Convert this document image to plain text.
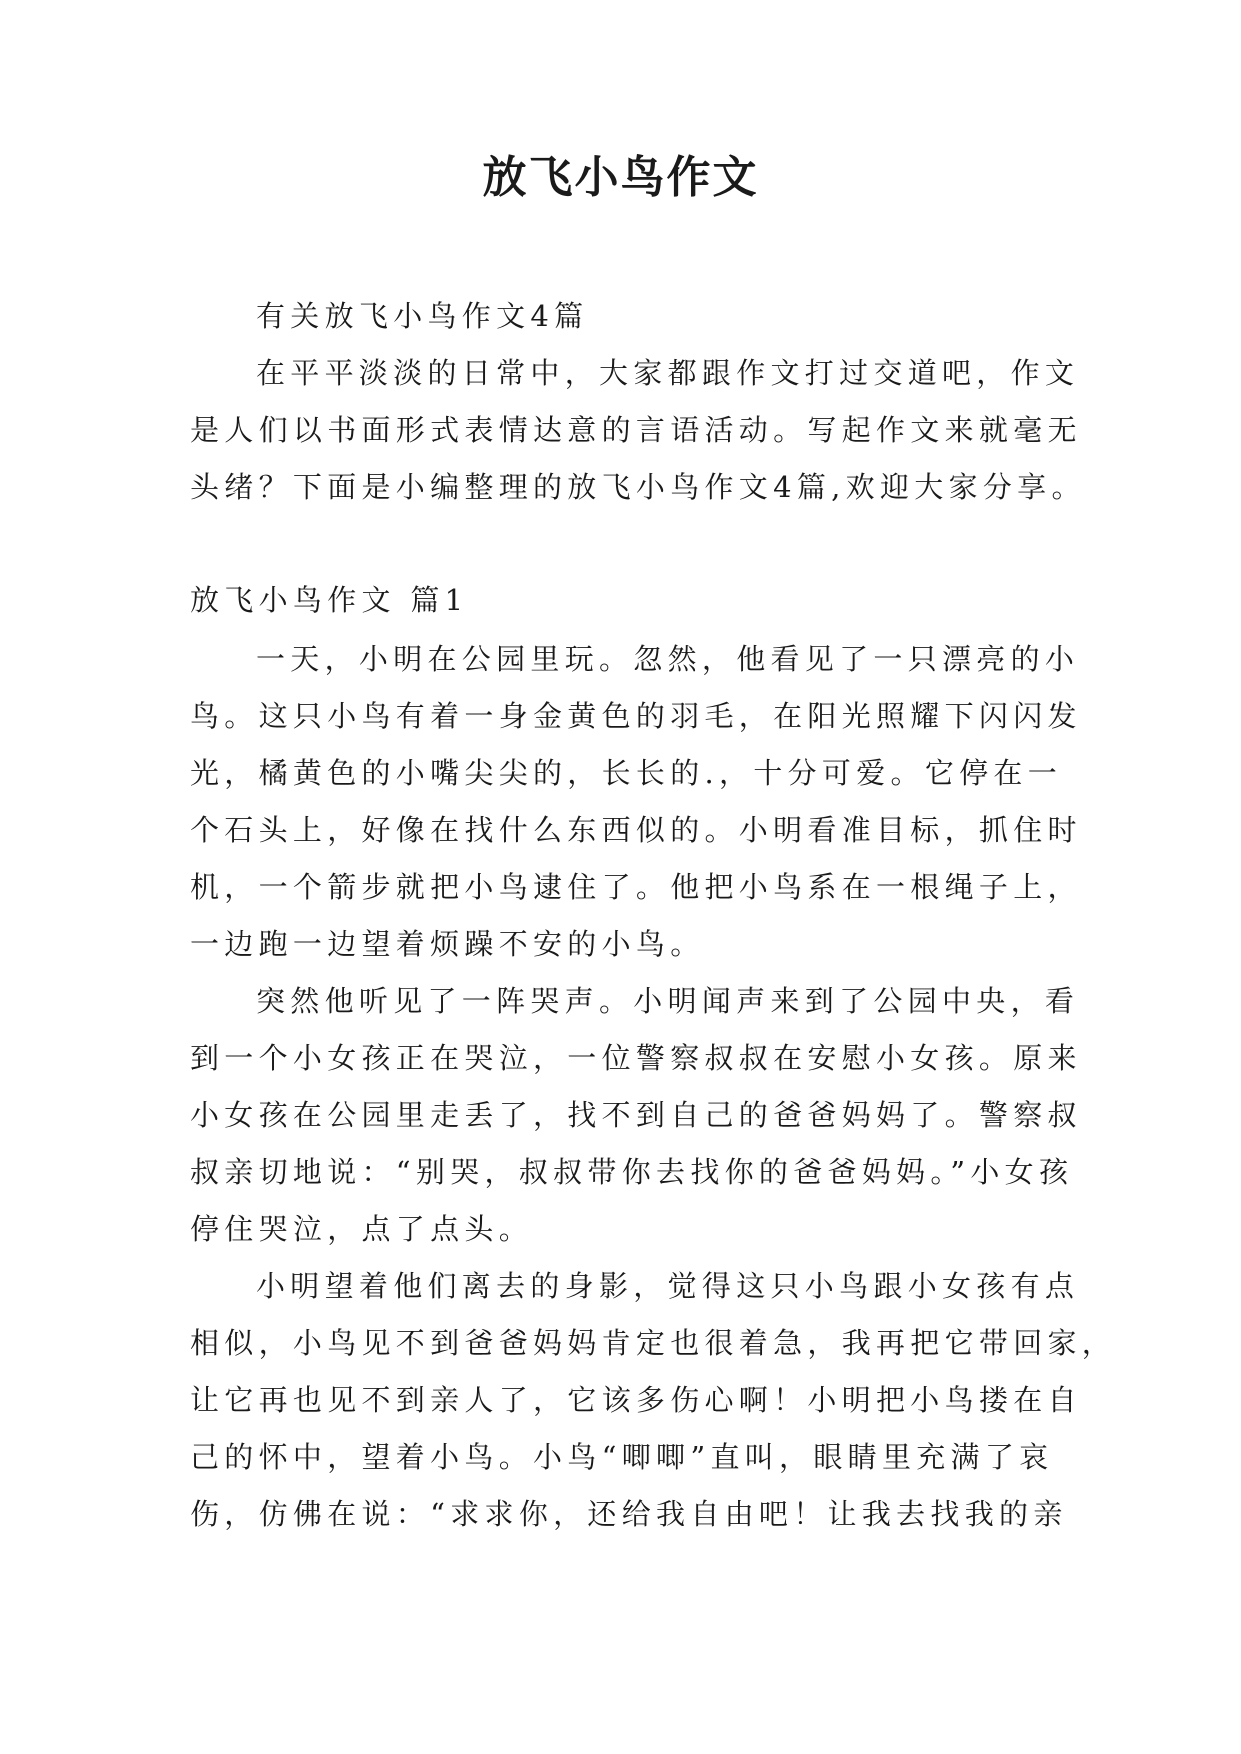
放飞小鸟作文
有关放飞小鸟作文4篇
在平平淡淡的日常中，大家都跟作文打过交道吧，作文
是人们以书面形式表情达意的言语活动。写起作文来就毫无
头绪？下面是小编整理的放飞小鸟作文4篇,欢迎大家分享。
放飞小鸟作文 篇1
一天，小明在公园里玩。忽然，他看见了一只漂亮的小
鸟。这只小鸟有着一身金黄色的羽毛，在阳光照耀下闪闪发
光，橘黄色的小嘴尖尖的，长长的.，十分可爱。它停在一
个石头上，好像在找什么东西似的。小明看准目标，抓住时
机，一个箭步就把小鸟逮住了。他把小鸟系在一根绳子上，
一边跑一边望着烦躁不安的小鸟。
突然他听见了一阵哭声。小明闻声来到了公园中央，看
到一个小女孩正在哭泣，一位警察叔叔在安慰小女孩。原来
小女孩在公园里走丢了，找不到自己的爸爸妈妈了。警察叔
叔亲切地说：“别哭，叔叔带你去找你的爸爸妈妈。”小女孩
停住哭泣，点了点头。
小明望着他们离去的身影，觉得这只小鸟跟小女孩有点
相似，小鸟见不到爸爸妈妈肯定也很着急，我再把它带回家，
让它再也见不到亲人了，它该多伤心啊！小明把小鸟搂在自
己的怀中，望着小鸟。小鸟“唧唧”直叫，眼睛里充满了哀
伤，仿佛在说：“求求你，还给我自由吧！让我去找我的亲
